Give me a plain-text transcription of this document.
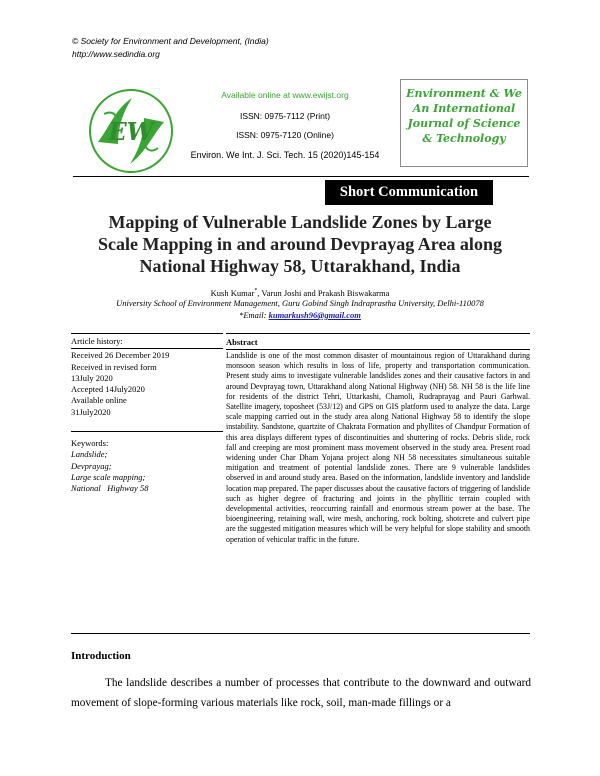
© Society for Environment and Development, (India)
http://www.sedindia.org
EW
Available online at www.ewijst.org
ISSN: 0975-7112 (Print)
ISSN: 0975-7120 (Online)
Environ. We Int. J. Sci. Tech. 15 (2020)145-154
Environment & We
An International
Journal of Science
& Technology
Short Communication
Mapping of Vulnerable Landslide Zones by Large
Scale Mapping in and around Devprayag Area along
National Highway 58, Uttarakhand, India
Kush Kumar*, Varun Joshi and Prakash Biswakarma
University School of Environment Management, Guru Gobind Singh Indraprastha University, Delhi-110078
*Email: kumarkush96@gmail.com
Article history:
Received 26 December 2019
Received in revised form
13July 2020
Accepted 14July2020
Available online
31July2020
Keywords:
Landslide;
Devprayag;
Large scale mapping;
National   Highway 58
Abstract
Landslide is one of the most common disaster of mountainous region of Uttarakhand during monsoon season which results in loss of life, property and transportation communication. Present study aims to investigate vulnerable landslides zones and their causative factors in and around Devprayag town, Uttarakhand along National Highway (NH) 58. NH 58 is the life line for residents of the district Tehri, Uttarkashi, Chamoli, Rudraprayag and Pauri Garhwal. Satellite imagery, toposheet (53J/12) and GPS on GIS platform used to analyze the data. Large scale mapping carried out in the study area along National Highway 58 to identify the slope instability. Sandstone, quartzite of Chakrata Formation and phyllites of Chandpur Formation of this area displays different types of discontinuities and shuttering of rocks. Debris slide, rock fall and creeping are most prominent mass movement observed in the study area. Present road widening under Char Dham Yojana project along NH 58 necessitates simultaneous suitable mitigation and treatment of potential landslide zones. There are 9 vulnerable landslides observed in and around study area. Based on the information, landslide inventory and landslide location map prepared. The paper discusses about the causative factors of triggering of landslide such as higher degree of fracturing and joints in the phyllitic terrain coupled with developmental activities, reoccurring rainfall and enormous stream power at the base. The bioengineering, retaining wall, wire mesh, anchoring, rock bolting, shotcrete and culvert pipe are the suggested mitigation measures which will be very helpful for slope stability and smooth operation of vehicular traffic in the future.
Introduction
The landslide describes a number of processes that contribute to the downward and outward movement of slope-forming various materials like rock, soil, man-made fillings or a
